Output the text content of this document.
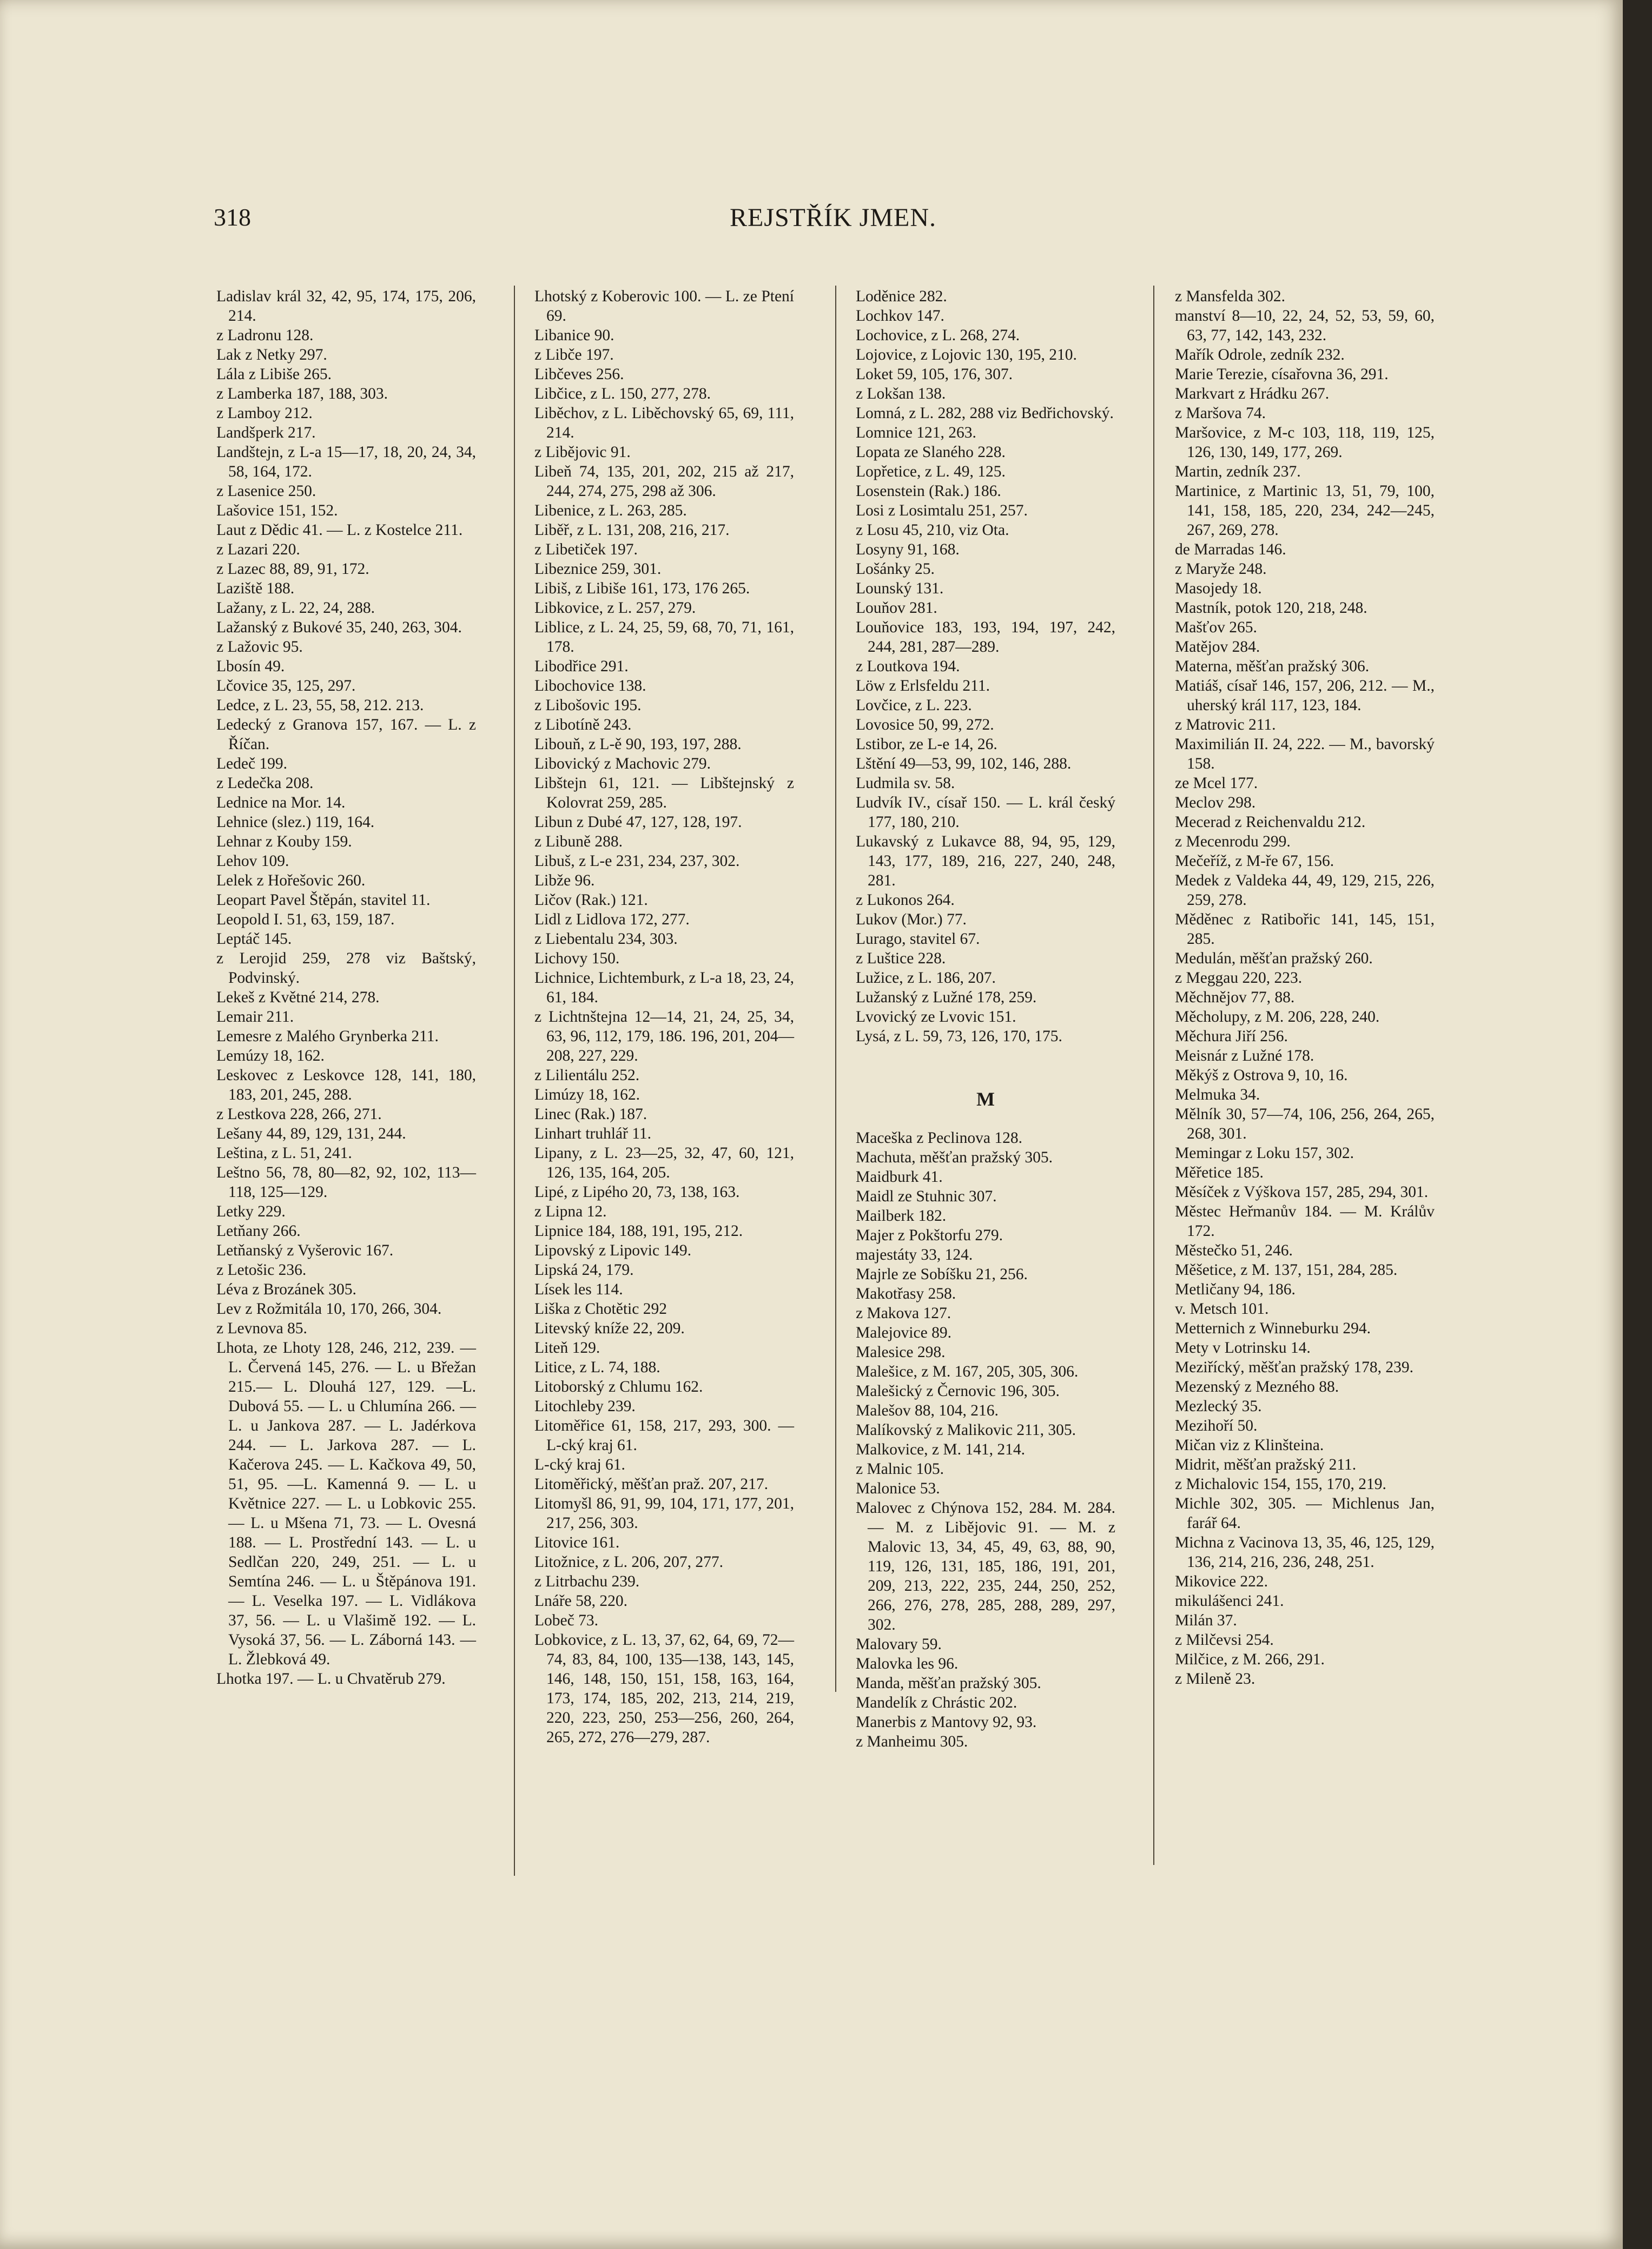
318	REJSTŘÍK JMEN.

Ladislav král 32, 42, 95, 174, 175, 206, 214.

z Ladronu 128.

Lak z Netky 297.

Lála z Libiše 265.

z Lamberka 187, 188, 303.

z Lamboy 212.

Landšperk 217.

Landštejn, z L-a 15—17, 18, 20, 24, 34, 58, 164, 172.

z Lasenice 250.

Lašovice 151, 152.

Laut z Dědic 41. — L. z Kostelce 211.

z Lazari 220.

z Lazec 88, 89, 91, 172.

Laziště 188.

Lažany, z L. 22, 24, 288.

Lažanský z Bukové 35, 240, 263, 304.

z Lažovic 95.

Lbosín 49.

Lčovice 35, 125, 297.

Ledce, z L. 23, 55, 58, 212. 213.

Ledecký z Granova 157, 167. — L. z Říčan.

Ledeč 199.

z Ledečka 208.

Lednice na Mor. 14.

Lehnice (slez.) 119, 164.

Lehnar z Kouby 159.

Lehov 109.

Lelek z Hořešovic 260.

Leopart Pavel Štěpán, stavitel 11.

Leopold I. 51, 63, 159, 187.

Leptáč 145.

z Lerojid 259, 278 viz Baštský, Podvinský.

Lekeš z Květné 214, 278.

Lemair 211.

Lemesre z Malého Grynberka 211.

Lemúzy 18, 162.

Leskovec z Leskovce 128, 141, 180, 183, 201, 245, 288.

z Lestkova 228, 266, 271.

Lešany 44, 89, 129, 131, 244.

Leština, z L. 51, 241.

Leštno 56, 78, 80—82, 92, 102, 113—118, 125—129.

Letky 229.

Letňany 266.

Letňanský z Vyšerovic 167.

z Letošic 236.

Léva z Brozánek 305.

Lev z Rožmitála 10, 170, 266, 304.

z Levnova 85.

Lhota, ze Lhoty 128, 246, 212, 239. — L. Červená 145, 276. — L. u Břežan 215.— L. Dlouhá 127, 129. —L. Dubová 55. — L. u Chlumína 266. — L. u Jankova 287. — L. Jadérkova 244. — L. Jarkova 287. — L. Kačerova 245. — L. Kačkova 49, 50, 51, 95. —L. Kamenná 9. — L. u Květnice 227. — L. u Lobkovic 255. — L. u Mšena 71, 73. — L. Ovesná 188. — L. Prostřední 143. — L. u Sedlčan 220, 249, 251. — L. u Semtína 246. — L. u Štěpánova 191. — L. Veselka 197. — L. Vidlákova 37, 56. — L. u Vlašimě 192. — L. Vysoká 37, 56. — L. Záborná 143. — L. Žlebková 49.

Lhotka 197. — L. u Chvatěrub 279.

Lhotský z Koberovic 100. — L. ze Ptení 69.

Libanice 90.

z Libče 197.

Libčeves 256.

Libčice, z L. 150, 277, 278.

Liběchov, z L. Liběchovský 65, 69, 111, 214.

z Libějovic 91.

Libeň 74, 135, 201, 202, 215 až 217, 244, 274, 275, 298 až 306.

Libenice, z L. 263, 285.

Liběř, z L. 131, 208, 216, 217.

z Libetiček 197.

Libeznice 259, 301.

Libiš, z Libiše 161, 173, 176 265.

Libkovice, z L. 257, 279.

Liblice, z L. 24, 25, 59, 68, 70, 71, 161, 178.

Libodřice 291.

Libochovice 138.

z Libošovic 195.

z Libotíně 243.

Libouň, z L-ě 90, 193, 197, 288.

Libovický z Machovic 279.

Libštejn 61, 121. — Libštejnský z Kolovrat 259, 285.

Libun z Dubé 47, 127, 128, 197.

z Libuně 288.

Libuš, z L-e 231, 234, 237, 302.

Libže 96.

Ličov (Rak.) 121.

Lidl z Lidlova 172, 277.

z Liebentalu 234, 303.

Lichovy 150.

Lichnice, Lichtemburk, z L-a 18, 23, 24, 61, 184.

z Lichtnštejna 12—14, 21, 24, 25, 34, 63, 96, 112, 179, 186. 196, 201, 204—208, 227, 229.

z Lilientálu 252.

Limúzy 18, 162.

Linec (Rak.) 187.

Linhart truhlář 11.

Lipany, z L. 23—25, 32, 47, 60, 121, 126, 135, 164, 205.

Lipé, z Lipého 20, 73, 138, 163.

z Lipna 12.

Lipnice 184, 188, 191, 195, 212.

Lipovský z Lipovic 149.

Lipská 24, 179.

Lísek les 114.

Liška z Chotětic 292

Litevský kníže 22, 209.

Liteň 129.

Litice, z L. 74, 188.

Litoborský z Chlumu 162.

Litochleby 239.

Litoměřice 61, 158, 217, 293, 300. — L-cký kraj 61.

L-cký kraj 61.

Litoměřický, měšťan praž. 207, 217.

Litomyšl 86, 91, 99, 104, 171, 177, 201, 217, 256, 303.

Litovice 161.

Litožnice, z L. 206, 207, 277.

z Litrbachu 239.

Lnáře 58, 220.

Lobeč 73.

Lobkovice, z L. 13, 37, 62, 64, 69, 72—74, 83, 84, 100, 135—138, 143, 145, 146, 148, 150, 151, 158, 163, 164, 173, 174, 185, 202, 213, 214, 219, 220, 223, 250, 253—256, 260, 264, 265, 272, 276—279, 287.

Loděnice 282.

Lochkov 147.

Lochovice, z L. 268, 274.

Lojovice, z Lojovic 130, 195, 210.

Loket 59, 105, 176, 307.

z Lokšan 138.

Lomná, z L. 282, 288 viz Bedřichovský.

Lomnice 121, 263.

Lopata ze Slaného 228.

Lopřetice, z L. 49, 125.

Losenstein (Rak.) 186.

Losi z Losimtalu 251, 257.

z Losu 45, 210, viz Ota.

Losyny 91, 168.

Lošánky 25.

Lounský 131.

Louňov 281.

Louňovice 183, 193, 194, 197, 242, 244, 281, 287—289.

z Loutkova 194.

Löw z Erlsfeldu 211.

Lovčice, z L. 223.

Lovosice 50, 99, 272.

Lstibor, ze L-e 14, 26.

Lštění 49—53, 99, 102, 146, 288.

Ludmila sv. 58.

Ludvík IV., císař 150. — L. král český 177, 180, 210.

Lukavský z Lukavce 88, 94, 95, 129, 143, 177, 189, 216, 227, 240, 248, 281.

z Lukonos 264.

Lukov (Mor.) 77.

Lurago, stavitel 67.

z Luštice 228.

Lužice, z L. 186, 207.

Lužanský z Lužné 178, 259.

Lvovický ze Lvovic 151.

Lysá, z L. 59, 73, 126, 170, 175.

M

Maceška z Peclinova 128.

Machuta, měšťan pražský 305.

Maidburk 41.

Maidl ze Stuhnic 307.

Mailberk 182.

Majer z Pokštorfu 279.

majestáty 33, 124.

Majrle ze Sobíšku 21, 256.

Makotřasy 258.

z Makova 127.

Malejovice 89.

Malesice 298.

Malešice, z M. 167, 205, 305, 306.

Malešický z Černovic 196, 305.

Malešov 88, 104, 216.

Malíkovský z Malikovic 211, 305.

Malkovice, z M. 141, 214.

z Malnic 105.

Malonice 53.

Malovec z Chýnova 152, 284. M. 284. — M. z Libějovic 91. — M. z Malovic 13, 34, 45, 49, 63, 88, 90, 119, 126, 131, 185, 186, 191, 201, 209, 213, 222, 235, 244, 250, 252, 266, 276, 278, 285, 288, 289, 297, 302.

Malovary 59.

Malovka les 96.

Manda, měšťan pražský 305.

Mandelík z Chrástic 202.

Manerbis z Mantovy 92, 93.

z Manheimu 305.

z Mansfelda 302.

manství 8—10, 22, 24, 52, 53, 59, 60, 63, 77, 142, 143, 232.

Mařík Odrole, zedník 232.

Marie Terezie, císařovna 36, 291.

Markvart z Hrádku 267.

z Maršova 74.

Maršovice, z M-c 103, 118, 119, 125, 126, 130, 149, 177, 269.

Martin, zedník 237.

Martinice, z Martinic 13, 51, 79, 100, 141, 158, 185, 220, 234, 242—245, 267, 269, 278.

de Marradas 146.

z Maryže 248.

Masojedy 18.

Mastník, potok 120, 218, 248.

Mašťov 265.

Matějov 284.

Materna, měšťan pražský 306.

Matiáš, císař 146, 157, 206, 212. — M., uherský král 117, 123, 184.

z Matrovic 211.

Maximilián II. 24, 222. — M., bavorský 158.

ze Mcel 177.

Meclov 298.

Mecerad z Reichenvaldu 212.

z Mecenrodu 299.

Mečeříž, z M-ře 67, 156.

Medek z Valdeka 44, 49, 129, 215, 226, 259, 278.

Měděnec z Ratibořic 141, 145, 151, 285.

Medulán, měšťan pražský 260.

z Meggau 220, 223.

Měchnějov 77, 88.

Měcholupy, z M. 206, 228, 240.

Měchura Jiří 256.

Meisnár z Lužné 178.

Měkýš z Ostrova 9, 10, 16.

Melmuka 34.

Mělník 30, 57—74, 106, 256, 264, 265, 268, 301.

Memingar z Loku 157, 302.

Měřetice 185.

Měsíček z Výškova 157, 285, 294, 301.

Městec Heřmanův 184. — M. Králův 172.

Městečko 51, 246.

Měšetice, z M. 137, 151, 284, 285.

Metličany 94, 186.

v. Metsch 101.

Metternich z Winneburku 294.

Mety v Lotrinsku 14.

Meziřícký, měšťan pražský 178, 239.

Mezenský z Mezného 88.

Mezlecký 35.

Mezihoří 50.

Mičan viz z Klinšteina.

Midrit, měšťan pražský 211.

z Michalovic 154, 155, 170, 219.

Michle 302, 305. — Michlenus Jan, farář 64.

Michna z Vacinova 13, 35, 46, 125, 129, 136, 214, 216, 236, 248, 251.

Mikovice 222.

mikulášenci 241.

Milán 37.

z Milčevsi 254.

Milčice, z M. 266, 291.

z Mileně 23.
